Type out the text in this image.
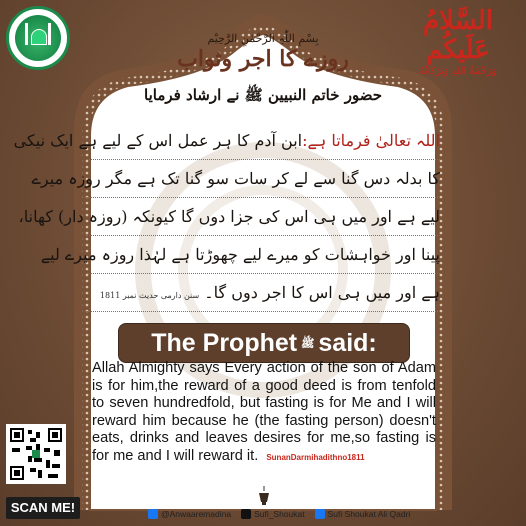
السَّلامُ
عَلَيكُم
وَرَحْمَةُ اللهِ وَبَرَكاتُهُ
بِسْمِ اللّٰہِ الرَّحْمٰنِ الرَّحِیْم
روزے کا اجر وثواب
حضور خاتم النبیین ﷺ نے ارشاد فرمایا
اللہ تعالیٰ فرماتا ہے:ابن آدم کا ہر عمل اس کے لیے ہے ایک نیکی
کا بدلہ دس گنا سے لے کر سات سو گنا تک ہے مگر روزہ میرے
لیے ہے اور میں ہی اس کی جزا دوں گا کیونکہ (روزہ دار) کھانا،
پینا اور خواہشات کو میرے لیے چھوڑتا ہے لہٰذا روزہ میرے لیے
ہے اور میں ہی اس کا اجر دوں گا۔ سنن دارمی حدیث نمبر 1811
The Prophet ﷺ said:
Allah Almighty says Every action of the son of Adam is for him,the reward of a good deed is from tenfold to seven hundredfold, but fasting is for Me and I will reward him because he (the fasting person) doesn't eats, drinks and leaves desires for me,so fasting is for me and I will reward it. SunanDarmihadithno1811
@Anwaaremadina	Sufi_Shoukat	Sufi Shoukat Ali Qadri
SCAN ME!
